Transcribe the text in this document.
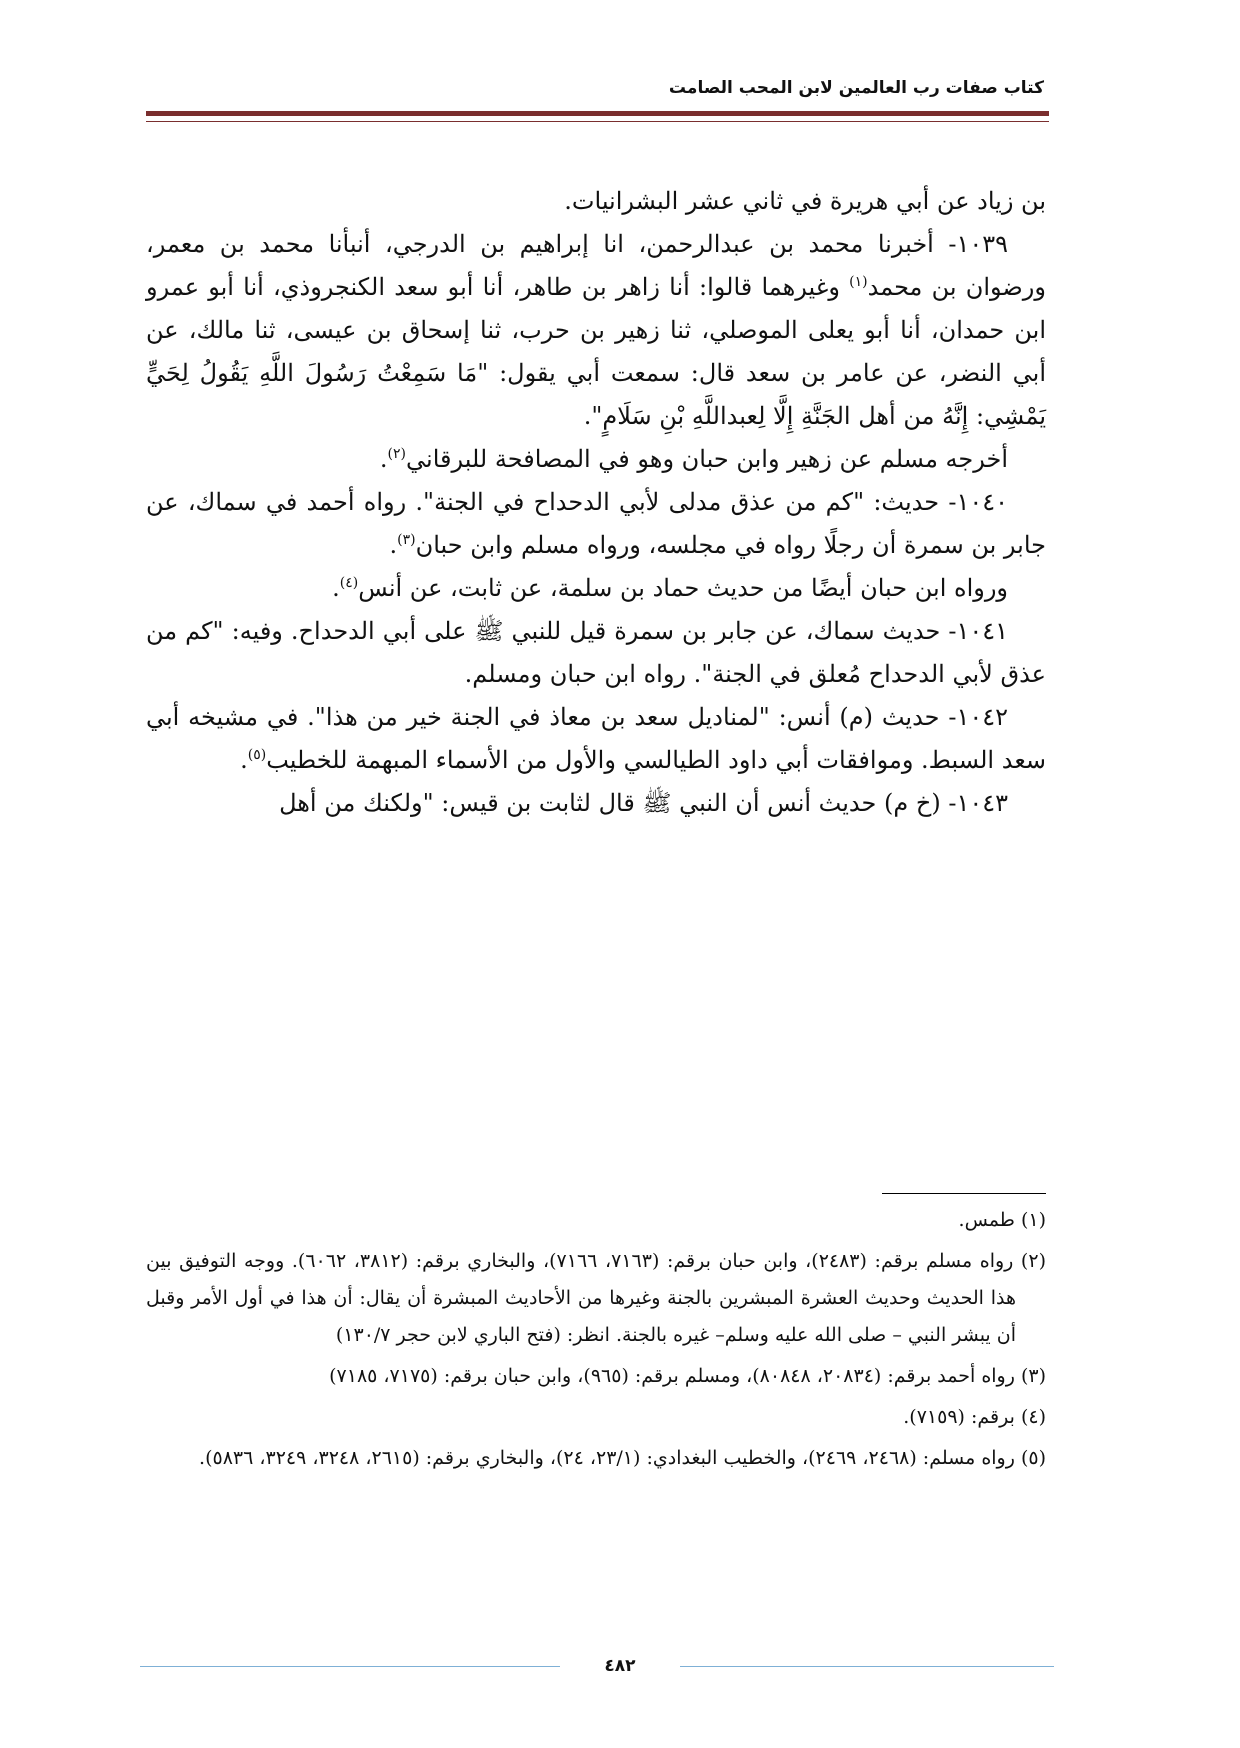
كتاب صفات رب العالمين لابن المحب الصامت

بن زياد عن أبي هريرة في ثاني عشر البشرانيات.

١٠٣٩- أخبرنا محمد بن عبدالرحمن، انا إبراهيم بن الدرجي، أنبأنا محمد بن معمر، ورضوان بن محمد$^{(١)}$ وغيرهما قالوا: أنا زاهر بن طاهر، أنا أبو سعد الكنجروذي، أنا أبو عمرو ابن حمدان، أنا أبو يعلى الموصلي، ثنا زهير بن حرب، ثنا إسحاق بن عيسى، ثنا مالك، عن أبي النضر، عن عامر بن سعد قال: سمعت أبي يقول: "مَا سَمِعْتُ رَسُولَ اللَّهِ يَقُولُ لِحَيٍّ يَمْشِي: إِنَّهُ من أهل الجَنَّةِ إِلَّا لِعبداللَّهِ بْنِ سَلَامٍ".

أخرجه مسلم عن زهير وابن حبان وهو في المصافحة للبرقاني$^{(٢)}$.

١٠٤٠- حديث: "كم من عذق مدلى لأبي الدحداح في الجنة". رواه أحمد في سماك، عن جابر بن سمرة أن رجلًا رواه في مجلسه، ورواه مسلم وابن حبان$^{(٣)}$.

ورواه ابن حبان أيضًا من حديث حماد بن سلمة، عن ثابت، عن أنس$^{(٤)}$.

١٠٤١- حديث سماك، عن جابر بن سمرة قيل للنبي ﷺ على أبي الدحداح. وفيه: "كم من عذق لأبي الدحداح مُعلق في الجنة". رواه ابن حبان ومسلم.

١٠٤٢- حديث (م) أنس: "لمناديل سعد بن معاذ في الجنة خير من هذا". في مشيخه أبي سعد السبط. وموافقات أبي داود الطيالسي والأول من الأسماء المبهمة للخطيب$^{(٥)}$.

١٠٤٣- (خ م) حديث أنس أن النبي ﷺ قال لثابت بن قيس: "ولكنك من أهل

(١) طمس.

(٢) رواه مسلم برقم: (٢٤٨٣)، وابن حبان برقم: (٧١٦٣، ٧١٦٦)، والبخاري برقم: (٣٨١٢، ٦٠٦٢). ووجه التوفيق بين هذا الحديث وحديث العشرة المبشرين بالجنة وغيرها من الأحاديث المبشرة أن يقال: أن هذا في أول الأمر وقبل أن يبشر النبي – صلى الله عليه وسلم– غيره بالجنة. انظر: (فتح الباري لابن حجر ١٣٠/٧)

(٣) رواه أحمد برقم: (٢٠٨٣٤، ٨٠٨٤٨)، ومسلم برقم: (٩٦٥)، وابن حبان برقم: (٧١٧٥، ٧١٨٥)

(٤) برقم: (٧١٥٩).

(٥) رواه مسلم: (٢٤٦٨، ٢٤٦٩)، والخطيب البغدادي: (٢٣/١، ٢٤)، والبخاري برقم: (٢٦١٥، ٣٢٤٨، ٣٢٤٩، ٥٨٣٦).

٤٨٢
